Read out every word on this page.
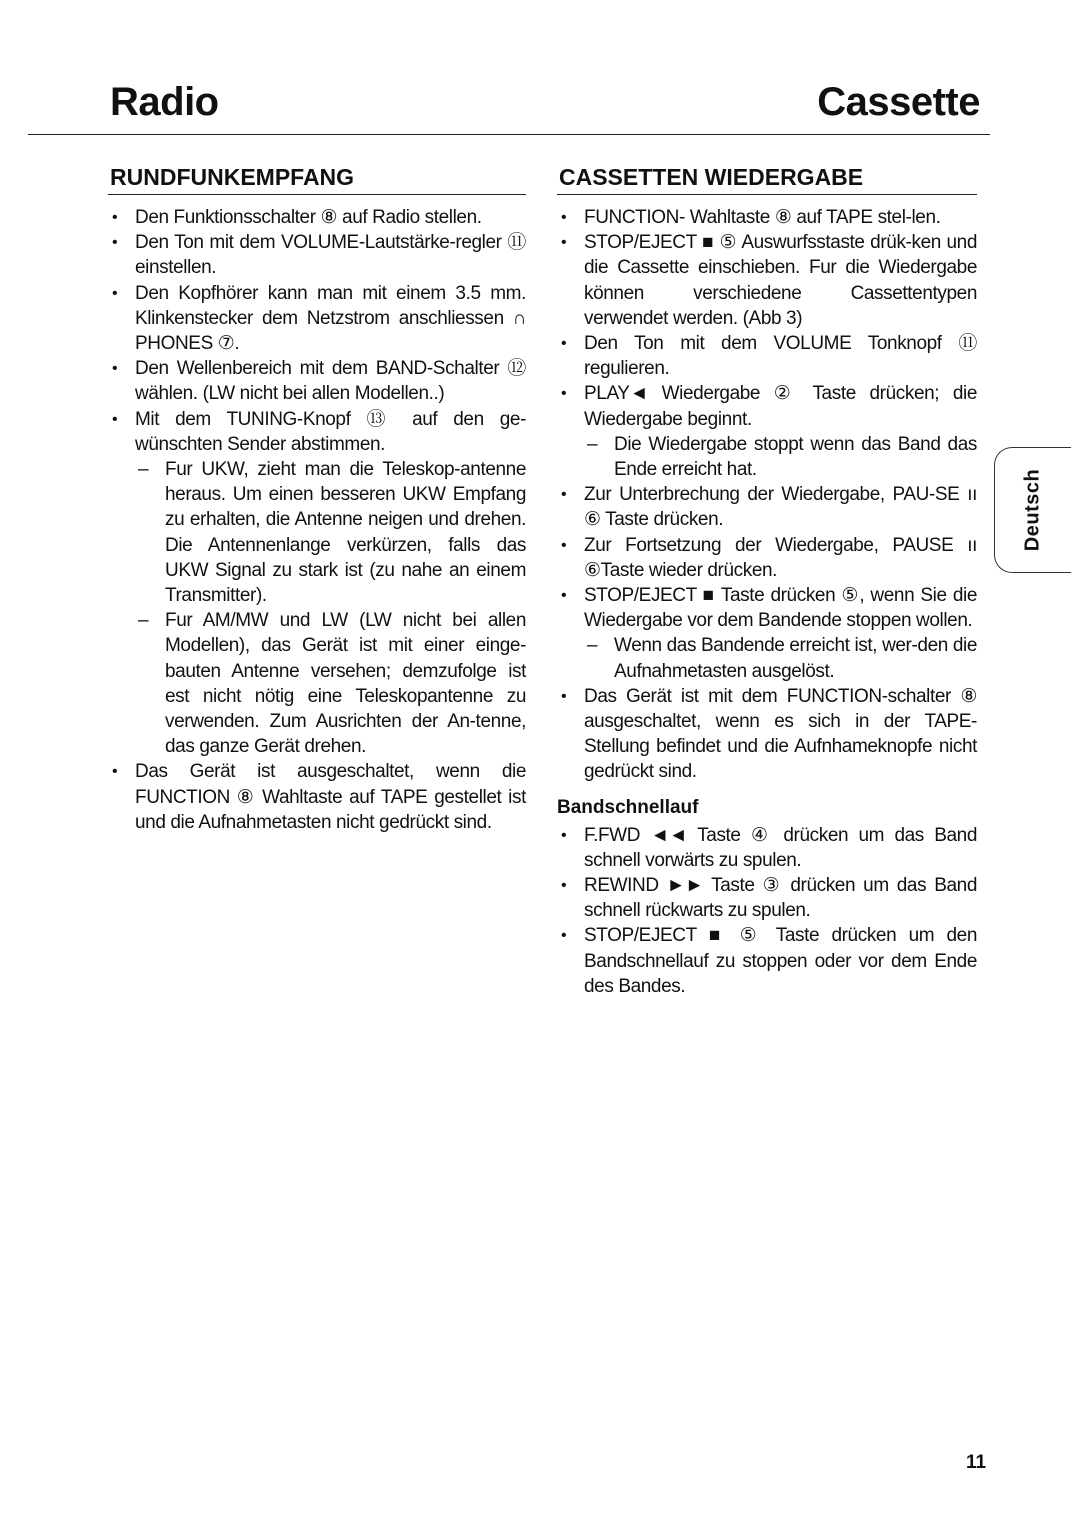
Radio	Cassette
RUNDFUNKEMPFANG
• Den Funktionsschalter ⑧ auf Radio stellen.
• Den Ton mit dem VOLUME-Lautstärke-regler ⑪ einstellen.
• Den Kopfhörer kann man mit einem 3.5 mm. Klinkenstecker dem Netzstrom anschliessen ∩ PHONES ⑦.
• Den Wellenbereich mit dem BAND-Schalter ⑫ wählen. (LW nicht bei allen Modellen..)
• Mit dem TUNING-Knopf ⑬ auf den ge-wünschten Sender abstimmen.
– Fur UKW, zieht man die Teleskop-antenne heraus. Um einen besseren UKW Empfang zu erhalten, die Antenne neigen und drehen. Die Antennenlange verkürzen, falls das UKW Signal zu stark ist (zu nahe an einem Transmitter).
– Fur AM/MW und LW (LW nicht bei allen Modellen), das Gerät ist mit einer einge-bauten Antenne versehen; demzufolge ist est nicht nötig eine Teleskopantenne zu verwenden. Zum Ausrichten der An-tenne, das ganze Gerät drehen.
• Das Gerät ist ausgeschaltet, wenn die FUNCTION ⑧ Wahltaste auf TAPE gestellet ist und die Aufnahmetasten nicht gedrückt sind.
CASSETTEN WIEDERGABE
• FUNCTION- Wahltaste ⑧ auf TAPE stel-len.
• STOP/EJECT ■ ⑤ Auswurfsstaste drük-ken und die Cassette einschieben. Fur die Wiedergabe können verschiedene Cassettentypen verwendet werden. (Abb 3)
• Den Ton mit dem VOLUME Tonknopf ⑪ regulieren.
• PLAY◄ Wiedergabe ② Taste drücken; die Wiedergabe beginnt.
– Die Wiedergabe stoppt wenn das Band das Ende erreicht hat.
• Zur Unterbrechung der Wiedergabe, PAU-SE ıı ⑥ Taste drücken.
• Zur Fortsetzung der Wiedergabe, PAUSE ıı ⑥Taste wieder drücken.
• STOP/EJECT ■ Taste drücken ⑤, wenn Sie die Wiedergabe vor dem Bandende stoppen wollen.
– Wenn das Bandende erreicht ist, wer-den die Aufnahmetasten ausgelöst.
• Das Gerät ist mit dem FUNCTION-schalter ⑧ ausgeschaltet, wenn es sich in der TAPE-Stellung befindet und die Aufnhameknopfe nicht gedrückt sind.
Bandschnellauf
• F.FWD ◄◄ Taste ④ drücken um das Band schnell vorwärts zu spulen.
• REWIND ►► Taste ③ drücken um das Band schnell rückwarts zu spulen.
• STOP/EJECT ■ ⑤ Taste drücken um den Bandschnellauf zu stoppen oder vor dem Ende des Bandes.
Deutsch
11
